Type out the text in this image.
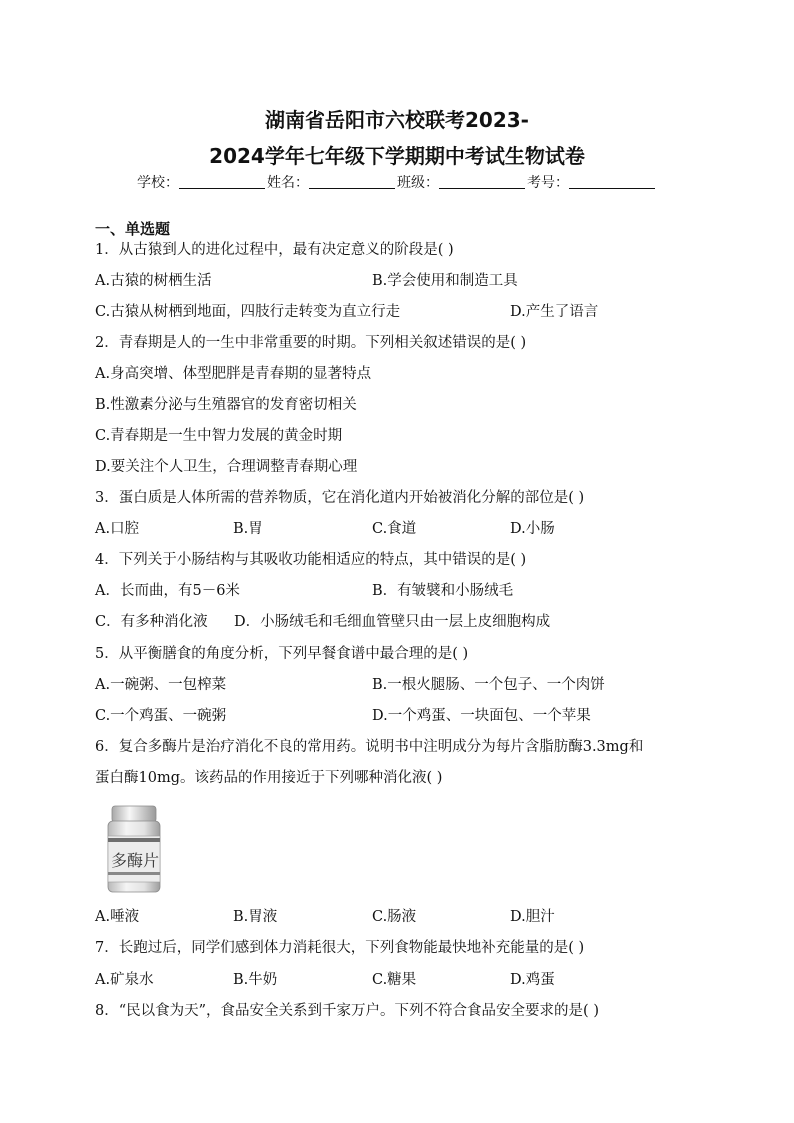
湖南省岳阳市六校联考2023-
2024学年七年级下学期期中考试生物试卷
学校：	姓名：	班级：	考号：
一、单选题
1．从古猿到人的进化过程中，最有决定意义的阶段是( )
A.古猿的树栖生活	B.学会使用和制造工具
C.古猿从树栖到地面，四肢行走转变为直立行走	D.产生了语言
2．青春期是人的一生中非常重要的时期。下列相关叙述错误的是( )
A.身高突增、体型肥胖是青春期的显著特点
B.性激素分泌与生殖器官的发育密切相关
C.青春期是一生中智力发展的黄金时期
D.要关注个人卫生，合理调整青春期心理
3．蛋白质是人体所需的营养物质，它在消化道内开始被消化分解的部位是( )
A.口腔	B.胃	C.食道	D.小肠
4．下列关于小肠结构与其吸收功能相适应的特点，其中错误的是( )
A．长而曲，有5－6米	B．有皱襞和小肠绒毛
C．有多种消化液 D．小肠绒毛和毛细血管壁只由一层上皮细胞构成
5．从平衡膳食的角度分析，下列早餐食谱中最合理的是( )
A.一碗粥、一包榨菜	B.一根火腿肠、一个包子、一个肉饼
C.一个鸡蛋、一碗粥	D.一个鸡蛋、一块面包、一个苹果
6．复合多酶片是治疗消化不良的常用药。说明书中注明成分为每片含脂肪酶3.3mg和
蛋白酶10mg。该药品的作用接近于下列哪种消化液( )
多酶片
A.唾液	B.胃液	C.肠液	D.胆汁
7．长跑过后，同学们感到体力消耗很大，下列食物能最快地补充能量的是( )
A.矿泉水	B.牛奶	C.糖果	D.鸡蛋
8．“民以食为天”，食品安全关系到千家万户。下列不符合食品安全要求的是( )
